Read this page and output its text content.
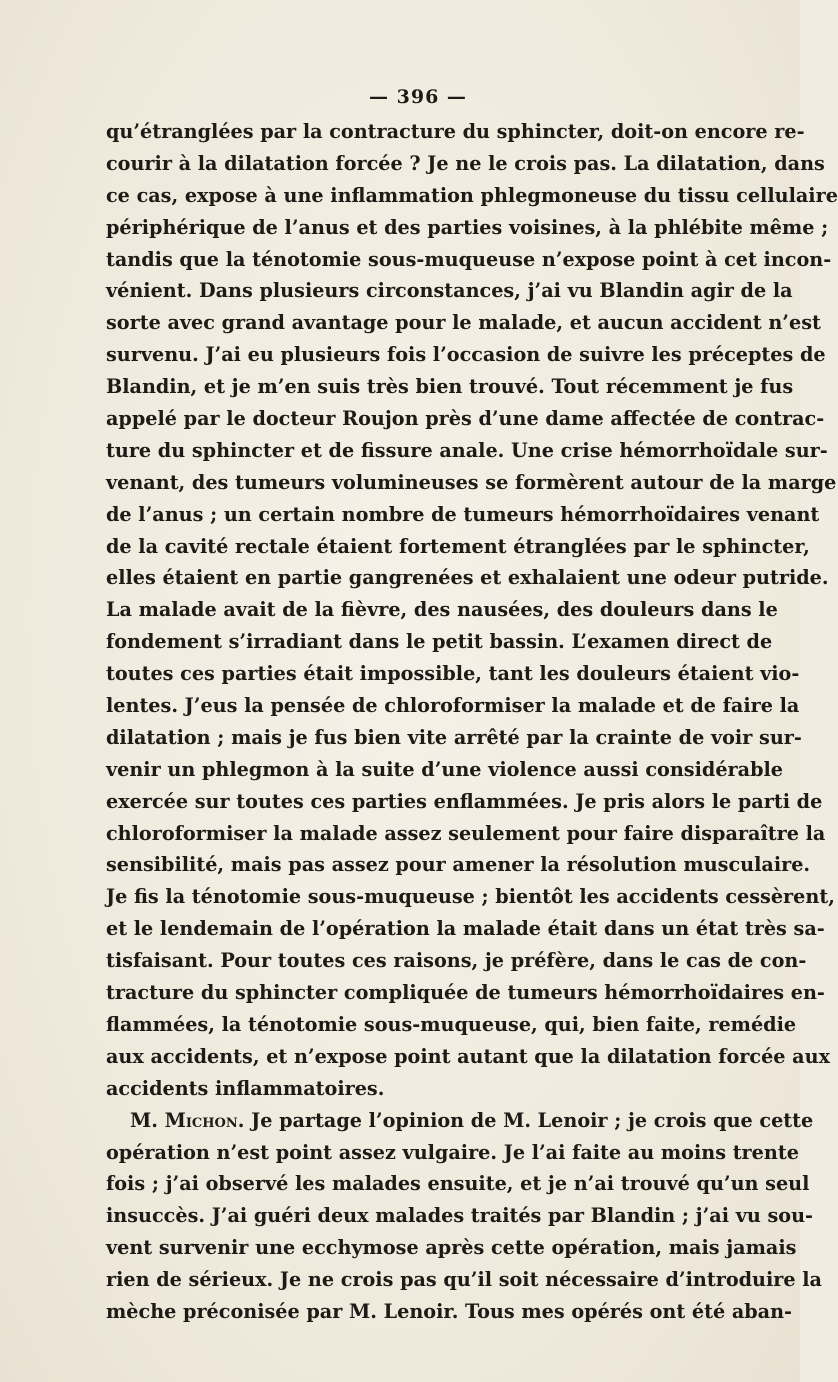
— 396 —
qu’étranglées par la contracture du sphincter, doit-on encore re-
courir à la dilatation forcée ? Je ne le crois pas. La dilatation, dans
ce cas, expose à une inflammation phlegmoneuse du tissu cellulaire
périphérique de l’anus et des parties voisines, à la phlébite même ;
tandis que la ténotomie sous-muqueuse n’expose point à cet incon-
vénient. Dans plusieurs circonstances, j’ai vu Blandin agir de la
sorte avec grand avantage pour le malade, et aucun accident n’est
survenu. J’ai eu plusieurs fois l’occasion de suivre les préceptes de
Blandin, et je m’en suis très bien trouvé. Tout récemment je fus
appelé par le docteur Roujon près d’une dame affectée de contrac-
ture du sphincter et de fissure anale. Une crise hémorrhoïdale sur-
venant, des tumeurs volumineuses se formèrent autour de la marge
de l’anus ; un certain nombre de tumeurs hémorrhoïdaires venant
de la cavité rectale étaient fortement étranglées par le sphincter,
elles étaient en partie gangrenées et exhalaient une odeur putride.
La malade avait de la fièvre, des nausées, des douleurs dans le
fondement s’irradiant dans le petit bassin. L’examen direct de
toutes ces parties était impossible, tant les douleurs étaient vio-
lentes. J’eus la pensée de chloroformiser la malade et de faire la
dilatation ; mais je fus bien vite arrêté par la crainte de voir sur-
venir un phlegmon à la suite d’une violence aussi considérable
exercée sur toutes ces parties enflammées. Je pris alors le parti de
chloroformiser la malade assez seulement pour faire disparaître la
sensibilité, mais pas assez pour amener la résolution musculaire.
Je fis la ténotomie sous-muqueuse ; bientôt les accidents cessèrent,
et le lendemain de l’opération la malade était dans un état très sa-
tisfaisant. Pour toutes ces raisons, je préfère, dans le cas de con-
tracture du sphincter compliquée de tumeurs hémorrhoïdaires en-
flammées, la ténotomie sous-muqueuse, qui, bien faite, remédie
aux accidents, et n’expose point autant que la dilatation forcée aux
accidents inflammatoires.
M. Michon. Je partage l’opinion de M. Lenoir ; je crois que cette
opération n’est point assez vulgaire. Je l’ai faite au moins trente
fois ; j’ai observé les malades ensuite, et je n’ai trouvé qu’un seul
insuccès. J’ai guéri deux malades traités par Blandin ; j’ai vu sou-
vent survenir une ecchymose après cette opération, mais jamais
rien de sérieux. Je ne crois pas qu’il soit nécessaire d’introduire la
mèche préconisée par M. Lenoir. Tous mes opérés ont été aban-
